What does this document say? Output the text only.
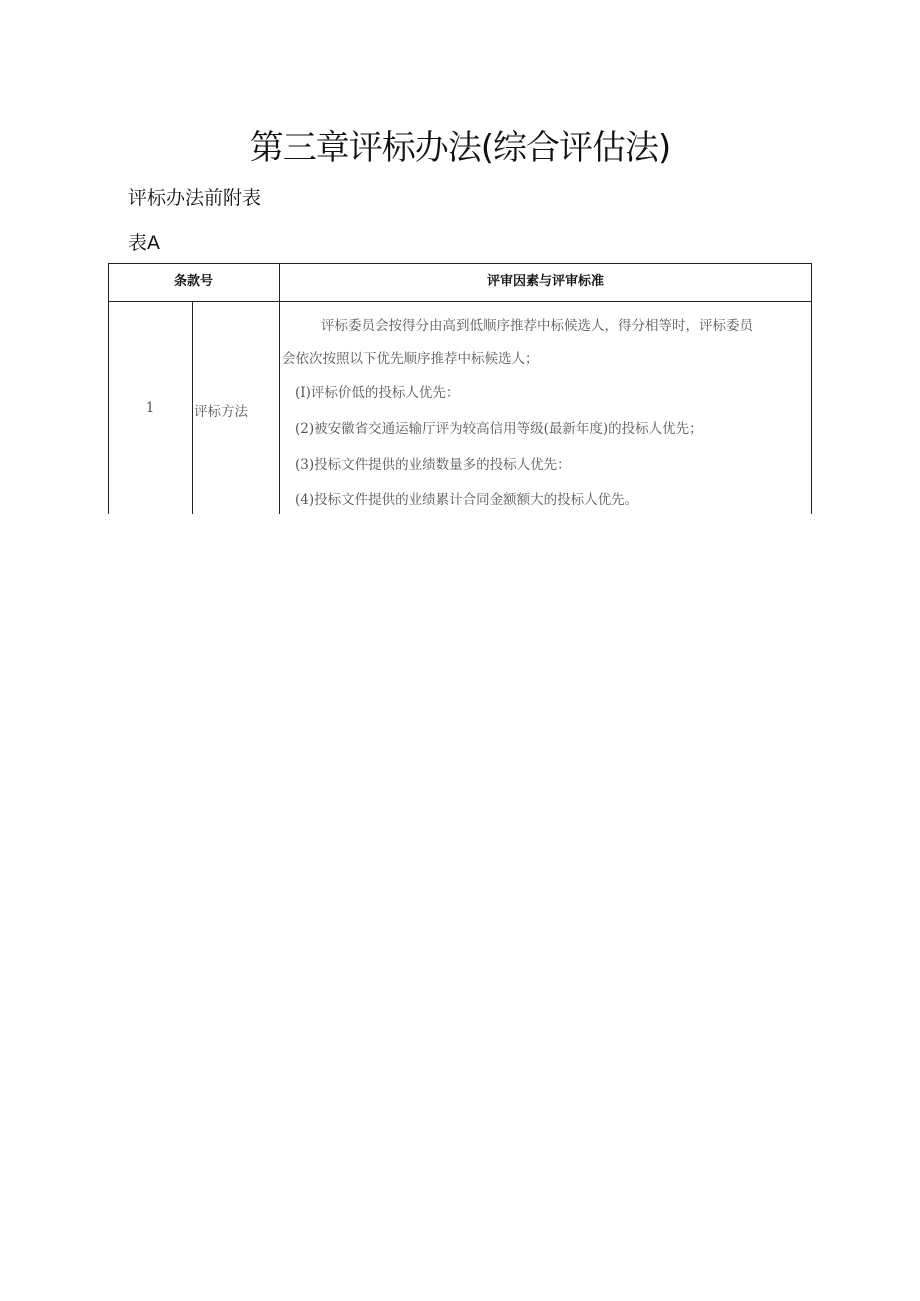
第三章评标办法(综合评估法)
评标办法前附表
表A
条款号	评审因素与评审标准
1	评标方法
评标委员会按得分由高到低顺序推荐中标候选人，得分相等时，评标委员
会依次按照以下优先顺序推荐中标候选人；
(I)评标价低的投标人优先：
(2)被安徽省交通运输厅评为较高信用等级(最新年度)的投标人优先；
(3)投标文件提供的业绩数量多的投标人优先：
(4)投标文件提供的业绩累计合同金额额大的投标人优先。
